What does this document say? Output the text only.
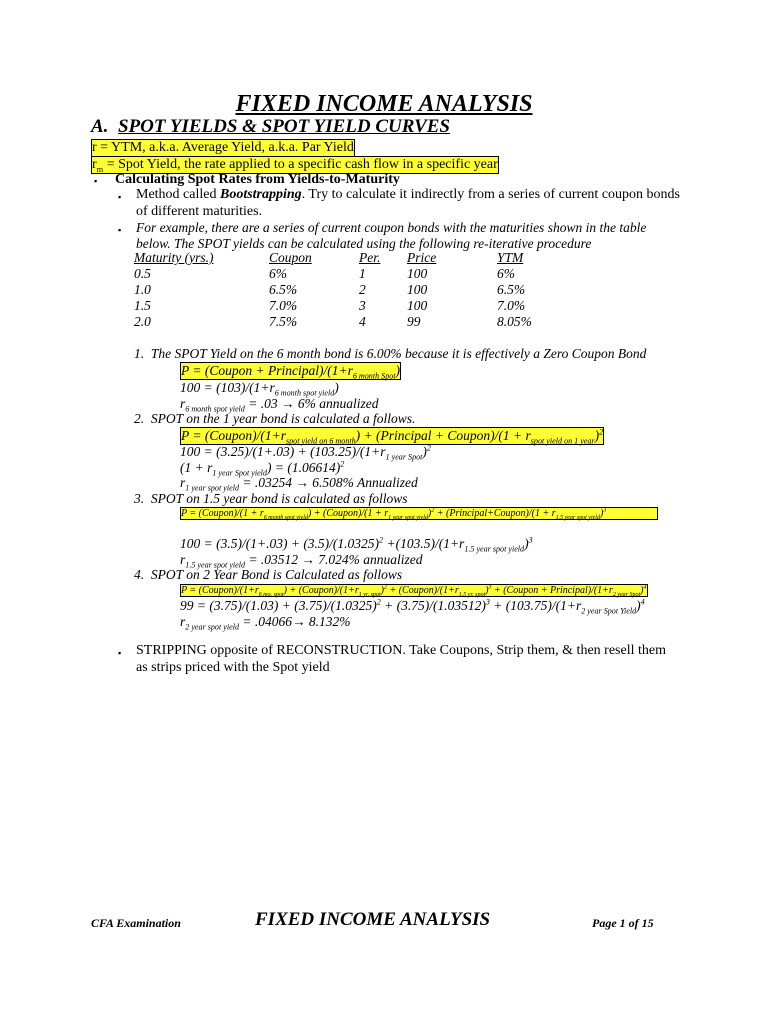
FIXED INCOME ANALYSIS
A. SPOT YIELDS & SPOT YIELD CURVES
r = YTM, a.k.a. Average Yield, a.k.a. Par Yield
$r_m$ = Spot Yield, the rate applied to a specific cash flow in a specific year
▪ Calculating Spot Rates from Yields-to-Maturity
▪ Method called Bootstrapping. Try to calculate it indirectly from a series of current coupon bonds
of different maturities.
▪ For example, there are a series of current coupon bonds with the maturities shown in the table
below. The SPOT yields can be calculated using the following re-iterative procedure
Maturity (yrs.)	Coupon	Per.	Price	YTM
0.5	6%	1	100	6%
1.0	6.5%	2	100	6.5%
1.5	7.0%	3	100	7.0%
2.0	7.5%	4	99	8.05%
1. The SPOT Yield on the 6 month bond is 6.00% because it is effectively a Zero Coupon Bond
P = (Coupon + $Principal)/(1+r_{6 month Spot})$
$100 = (103)/(1+r_{6 month spot yield})$
$r_{6 month spot yield} = .03 \to 6\%$ annualized
2. SPOT on the 1 year bond is calculated a follows.
$P = (Coupon)/(1+r_{spot yield on 6 month})$ + (Principal + Coupon)/(1 + $r_{spot yield on 1 year})^2$
$100 = (3.25)/(1+.03) + (103.25)/(1+r_{1 year Spot})^2$
$(1 + r_{1 year Spot yield}) = (1.06614)^2$
$r_{1 year spot yield} = .03254 \to 6.508\%$ Annualized
3. SPOT on 1.5 year bond is calculated as follows
P = (Coupon)/(1 + $r_{6 month spot yield}$) + (Coupon)/(1 + $r_{1 year spot yield})^2$ + (Principal+Coupon)/(1 + $r_{1.5 year spot yield})^3$
$100 = (3.5)/(1+.03) + (3.5)/(1.0325)^2 +(103.5)/(1+r_{1.5 year spot yield})^3$
$r_{1.5 year spot yield} = .03512 \to 7.024\%$ annualized
4. SPOT on 2 Year Bond is Calculated as follows
$P = (Coupon)/(1+r_{6 mo. spot})$ + $(Coupon)/(1+r_{1 yr. spot})^2$ + $(Coupon)/(1+r_{1.5 yr. spot})^3$ + (Coupon + $Principal)/(1+r_{2 year Spot})^4$
$99 = (3.75)/(1.03) + (3.75)/(1.0325)^2 + (3.75)/(1.03512)^3 + (103.75)/(1+r_{2 year Spot Yield})^4$
$r_{2 year spot yield} = .04066\to 8.132\%$
▪ STRIPPING opposite of RECONSTRUCTION. Take Coupons, Strip them, & then resell them
as strips priced with the Spot yield
CFA Examination	FIXED INCOME ANALYSIS	Page 1 of 15
